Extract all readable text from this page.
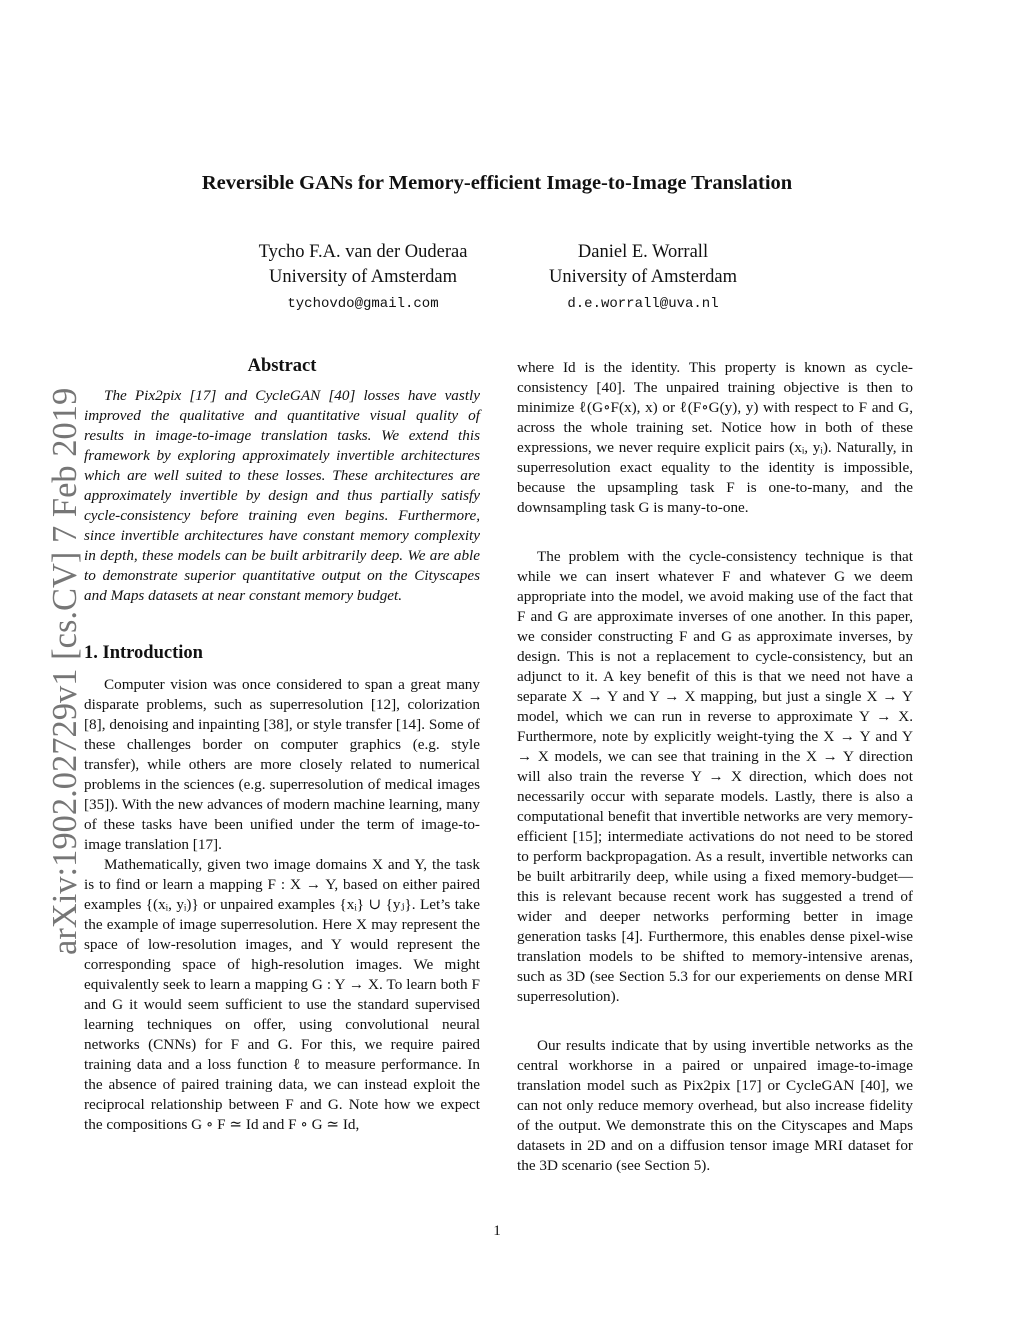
Reversible GANs for Memory-efficient Image-to-Image Translation
Tycho F.A. van der Ouderaa
University of Amsterdam
tychovdo@gmail.com
Daniel E. Worrall
University of Amsterdam
d.e.worrall@uva.nl
arXiv:1902.02729v1 [cs.CV] 7 Feb 2019
Abstract

The Pix2pix [17] and CycleGAN [40] losses have vastly improved the qualitative and quantitative visual quality of results in image-to-image translation tasks. We extend this framework by exploring approximately invertible architectures which are well suited to these losses. These architectures are approximately invertible by design and thus partially satisfy cycle-consistency before training even begins. Furthermore, since invertible architectures have constant memory complexity in depth, these models can be built arbitrarily deep. We are able to demonstrate superior quantitative output on the Cityscapes and Maps datasets at near constant memory budget.

1. Introduction

Computer vision was once considered to span a great many disparate problems, such as superresolution [12], colorization [8], denoising and inpainting [38], or style transfer [14]. Some of these challenges border on computer graphics (e.g. style transfer), while others are more closely related to numerical problems in the sciences (e.g. superresolution of medical images [35]). With the new advances of modern machine learning, many of these tasks have been unified under the term of image-to-image translation [17].

Mathematically, given two image domains X and Y, the task is to find or learn a mapping F : X → Y, based on either paired examples {(xᵢ, yᵢ)} or unpaired examples {xᵢ} ∪ {yⱼ}. Let’s take the example of image superresolution. Here X may represent the space of low-resolution images, and Y would represent the corresponding space of high-resolution images. We might equivalently seek to learn a mapping G : Y → X. To learn both F and G it would seem sufficient to use the standard supervised learning techniques on offer, using convolutional neural networks (CNNs) for F and G. For this, we require paired training data and a loss function ℓ to measure performance. In the absence of paired training data, we can instead exploit the reciprocal relationship between F and G. Note how we expect the compositions G ∘ F ≃ Id and F ∘ G ≃ Id,

where Id is the identity. This property is known as cycle-consistency [40]. The unpaired training objective is then to minimize ℓ(G∘F(x), x) or ℓ(F∘G(y), y) with respect to F and G, across the whole training set. Notice how in both of these expressions, we never require explicit pairs (xᵢ, yᵢ). Naturally, in superresolution exact equality to the identity is impossible, because the upsampling task F is one-to-many, and the downsampling task G is many-to-one.

The problem with the cycle-consistency technique is that while we can insert whatever F and whatever G we deem appropriate into the model, we avoid making use of the fact that F and G are approximate inverses of one another. In this paper, we consider constructing F and G as approximate inverses, by design. This is not a replacement to cycle-consistency, but an adjunct to it. A key benefit of this is that we need not have a separate X → Y and Y → X mapping, but just a single X → Y model, which we can run in reverse to approximate Y → X. Furthermore, note by explicitly weight-tying the X → Y and Y → X models, we can see that training in the X → Y direction will also train the reverse Y → X direction, which does not necessarily occur with separate models. Lastly, there is also a computational benefit that invertible networks are very memory-efficient [15]; intermediate activations do not need to be stored to perform backpropagation. As a result, invertible networks can be built arbitrarily deep, while using a fixed memory-budget—this is relevant because recent work has suggested a trend of wider and deeper networks performing better in image generation tasks [4]. Furthermore, this enables dense pixel-wise translation models to be shifted to memory-intensive arenas, such as 3D (see Section 5.3 for our experiements on dense MRI superresolution).

Our results indicate that by using invertible networks as the central workhorse in a paired or unpaired image-to-image translation model such as Pix2pix [17] or CycleGAN [40], we can not only reduce memory overhead, but also increase fidelity of the output. We demonstrate this on the Cityscapes and Maps datasets in 2D and on a diffusion tensor image MRI dataset for the 3D scenario (see Section 5).

1
